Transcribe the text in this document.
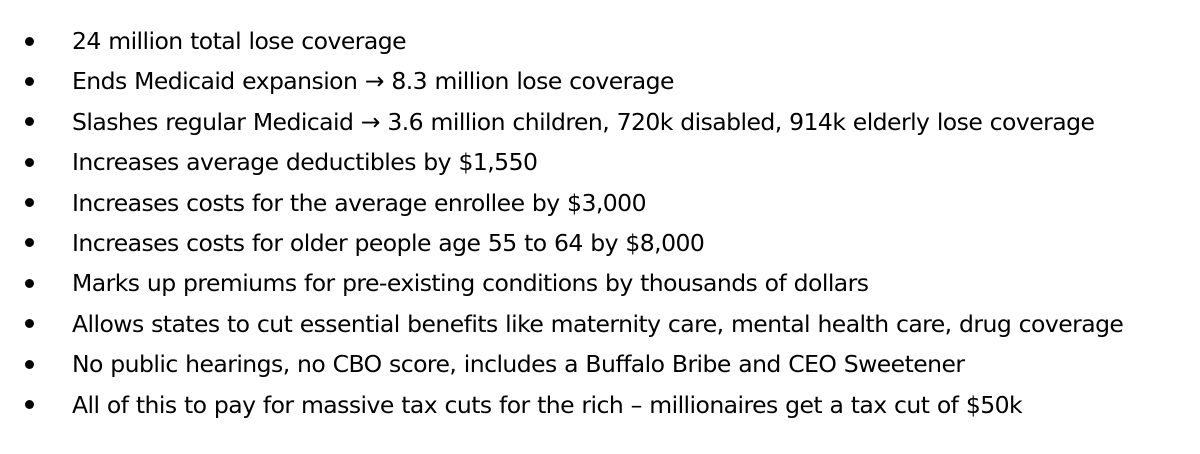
24 million total lose coverage
Ends Medicaid expansion → 8.3 million lose coverage
Slashes regular Medicaid → 3.6 million children, 720k disabled, 914k elderly lose coverage
Increases average deductibles by $1,550
Increases costs for the average enrollee by $3,000
Increases costs for older people age 55 to 64 by $8,000
Marks up premiums for pre-existing conditions by thousands of dollars
Allows states to cut essential benefits like maternity care, mental health care, drug coverage
No public hearings, no CBO score, includes a Buffalo Bribe and CEO Sweetener
All of this to pay for massive tax cuts for the rich – millionaires get a tax cut of $50k
